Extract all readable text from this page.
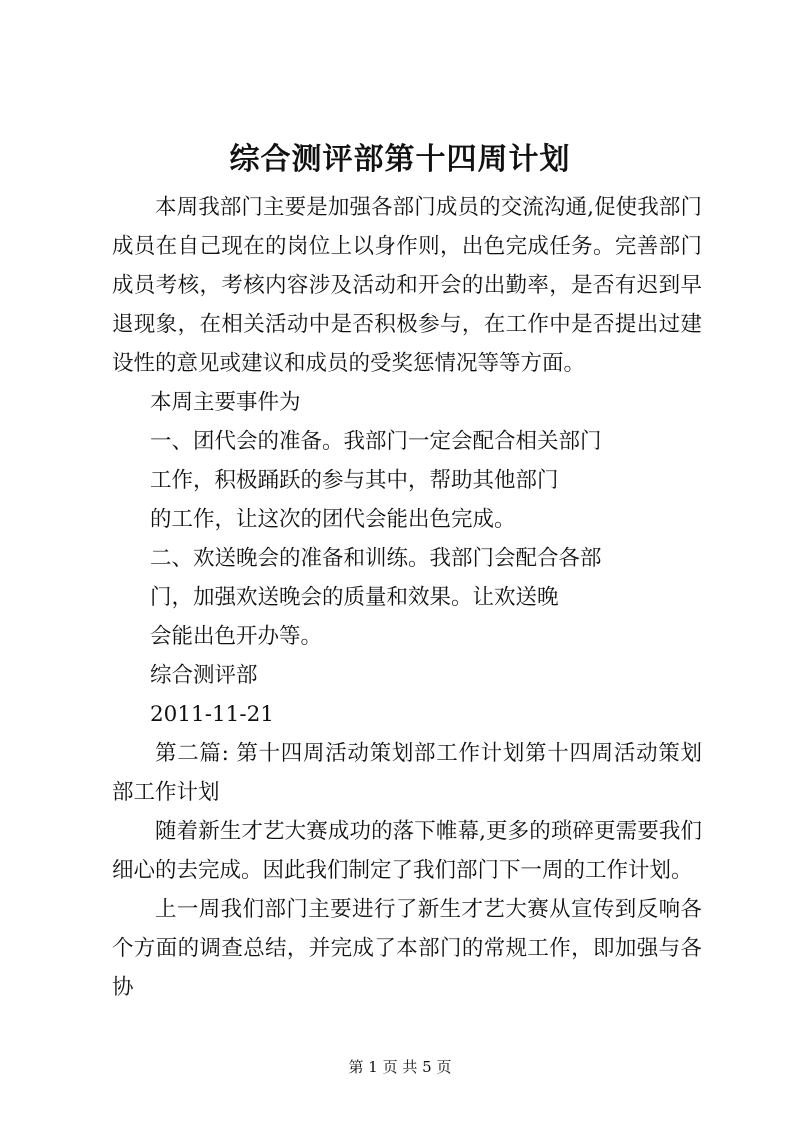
综合测评部第十四周计划

本周我部门主要是加强各部门成员的交流沟通,促使我部门成员在自己现在的岗位上以身作则，出色完成任务。完善部门成员考核，考核内容涉及活动和开会的出勤率，是否有迟到早退现象，在相关活动中是否积极参与，在工作中是否提出过建设性的意见或建议和成员的受奖惩情况等等方面。

本周主要事件为

一、团代会的准备。我部门一定会配合相关部门

工作，积极踊跃的参与其中，帮助其他部门

的工作，让这次的团代会能出色完成。

二、欢送晚会的准备和训练。我部门会配合各部

门，加强欢送晚会的质量和效果。让欢送晚

会能出色开办等。

综合测评部

2011-11-21

第二篇: 第十四周活动策划部工作计划第十四周活动策划部工作计划

随着新生才艺大赛成功的落下帷幕,更多的琐碎更需要我们细心的去完成。因此我们制定了我们部门下一周的工作计划。

上一周我们部门主要进行了新生才艺大赛从宣传到反响各个方面的调查总结，并完成了本部门的常规工作，即加强与各协

第 1 页 共 5 页
